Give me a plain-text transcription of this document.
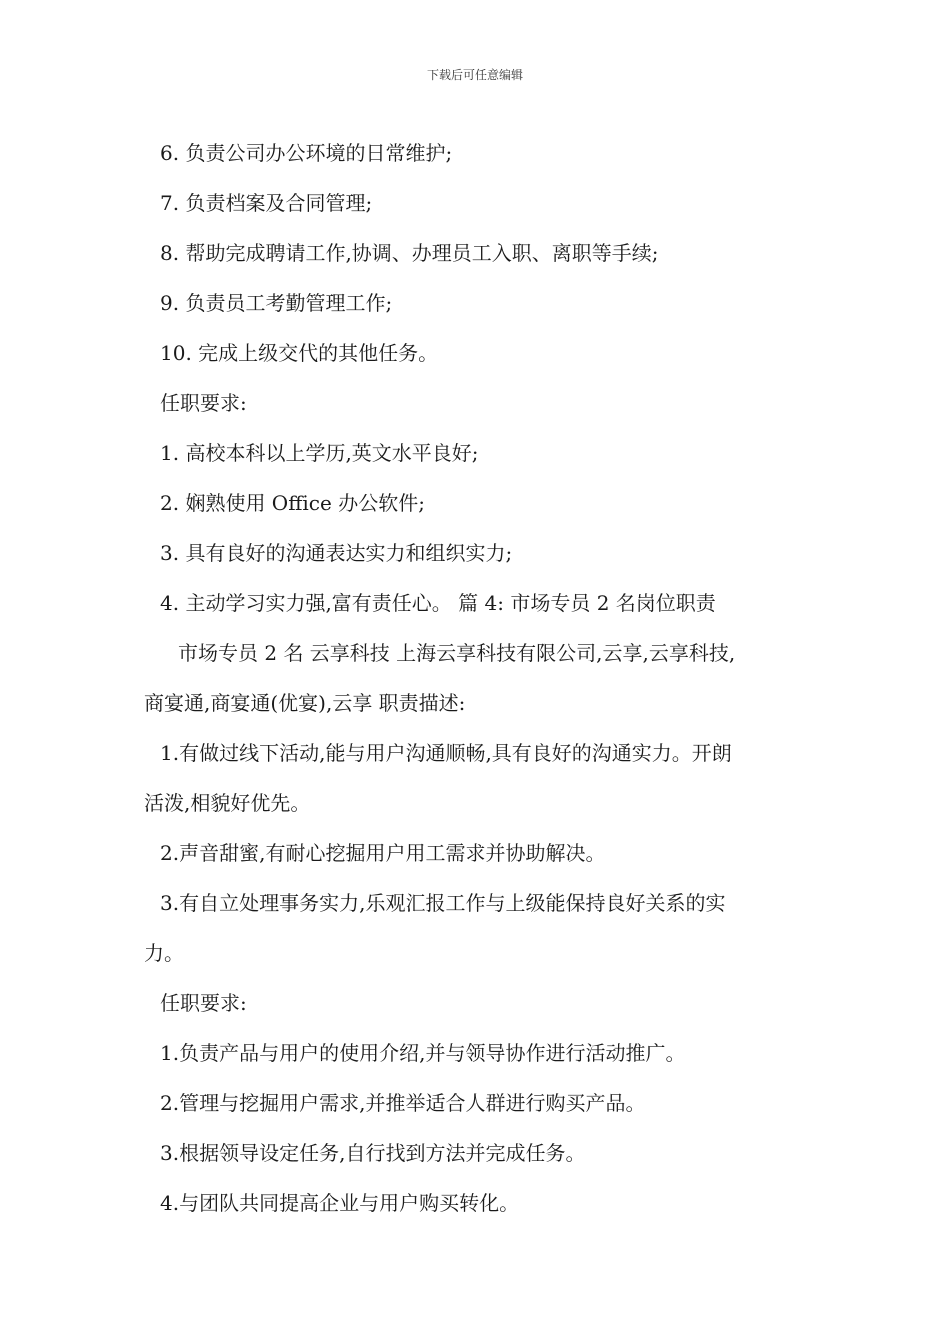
下载后可任意编辑
6. 负责公司办公环境的日常维护;
7. 负责档案及合同管理;
8. 帮助完成聘请工作,协调、办理员工入职、离职等手续;
9. 负责员工考勤管理工作;
10. 完成上级交代的其他任务。
任职要求:
1. 高校本科以上学历,英文水平良好;
2. 娴熟使用 Office 办公软件;
3. 具有良好的沟通表达实力和组织实力;
4. 主动学习实力强,富有责任心。 篇 4: 市场专员 2 名岗位职责
市场专员 2 名 云享科技 上海云享科技有限公司,云享,云享科技,
商宴通,商宴通(优宴),云享 职责描述:
1.有做过线下活动,能与用户沟通顺畅,具有良好的沟通实力。开朗
活泼,相貌好优先。
2.声音甜蜜,有耐心挖掘用户用工需求并协助解决。
3.有自立处理事务实力,乐观汇报工作与上级能保持良好关系的实
力。
任职要求:
1.负责产品与用户的使用介绍,并与领导协作进行活动推广。
2.管理与挖掘用户需求,并推举适合人群进行购买产品。
3.根据领导设定任务,自行找到方法并完成任务。
4.与团队共同提高企业与用户购买转化。
